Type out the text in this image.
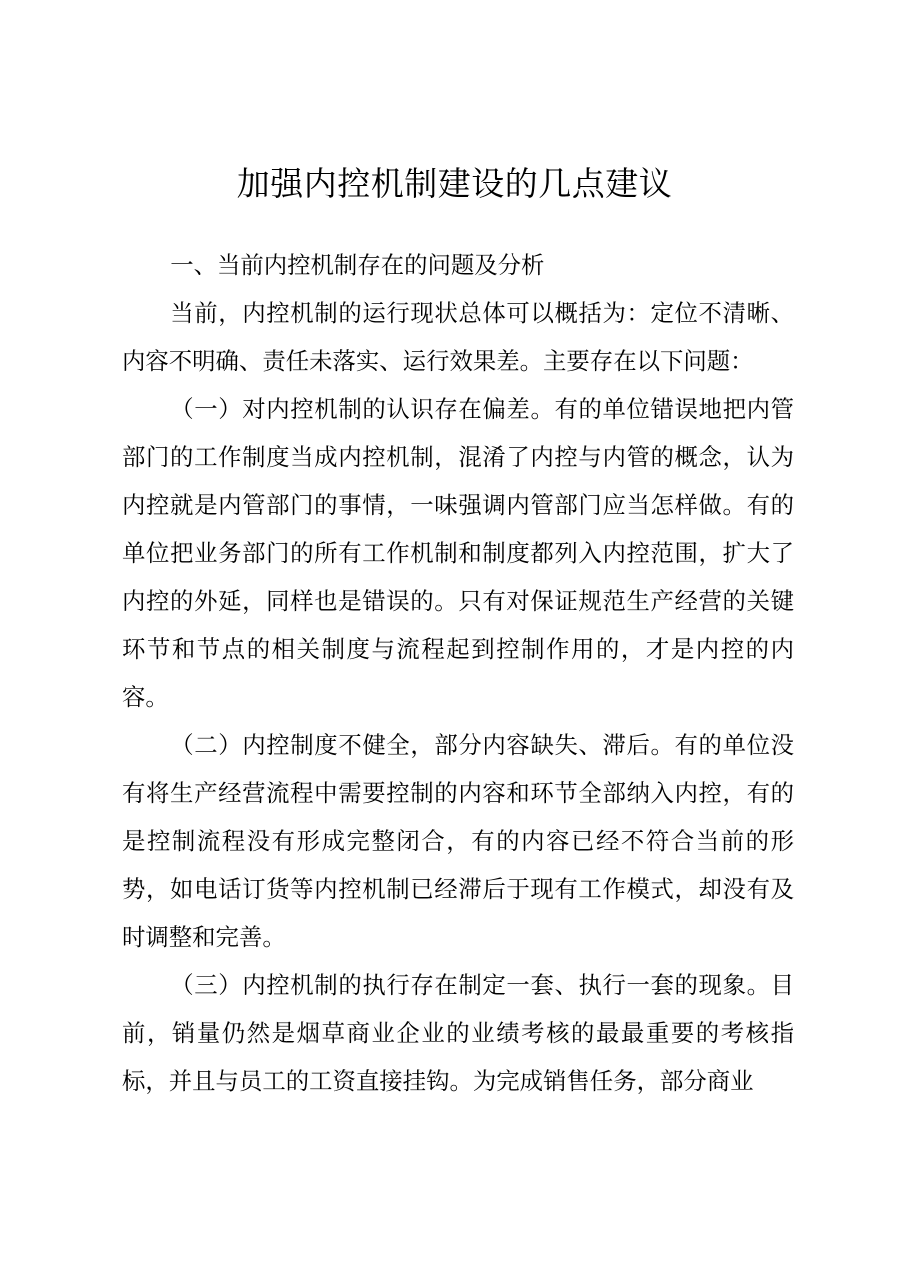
加强内控机制建设的几点建议

一、当前内控机制存在的问题及分析

当前，内控机制的运行现状总体可以概括为：定位不清晰、内容不明确、责任未落实、运行效果差。主要存在以下问题：

（一）对内控机制的认识存在偏差。有的单位错误地把内管部门的工作制度当成内控机制，混淆了内控与内管的概念，认为内控就是内管部门的事情，一味强调内管部门应当怎样做。有的单位把业务部门的所有工作机制和制度都列入内控范围，扩大了内控的外延，同样也是错误的。只有对保证规范生产经营的关键环节和节点的相关制度与流程起到控制作用的，才是内控的内容。

（二）内控制度不健全，部分内容缺失、滞后。有的单位没有将生产经营流程中需要控制的内容和环节全部纳入内控，有的是控制流程没有形成完整闭合，有的内容已经不符合当前的形势，如电话订货等内控机制已经滞后于现有工作模式，却没有及时调整和完善。

（三）内控机制的执行存在制定一套、执行一套的现象。目前，销量仍然是烟草商业企业的业绩考核的最最重要的考核指标，并且与员工的工资直接挂钩。为完成销售任务，部分商业
